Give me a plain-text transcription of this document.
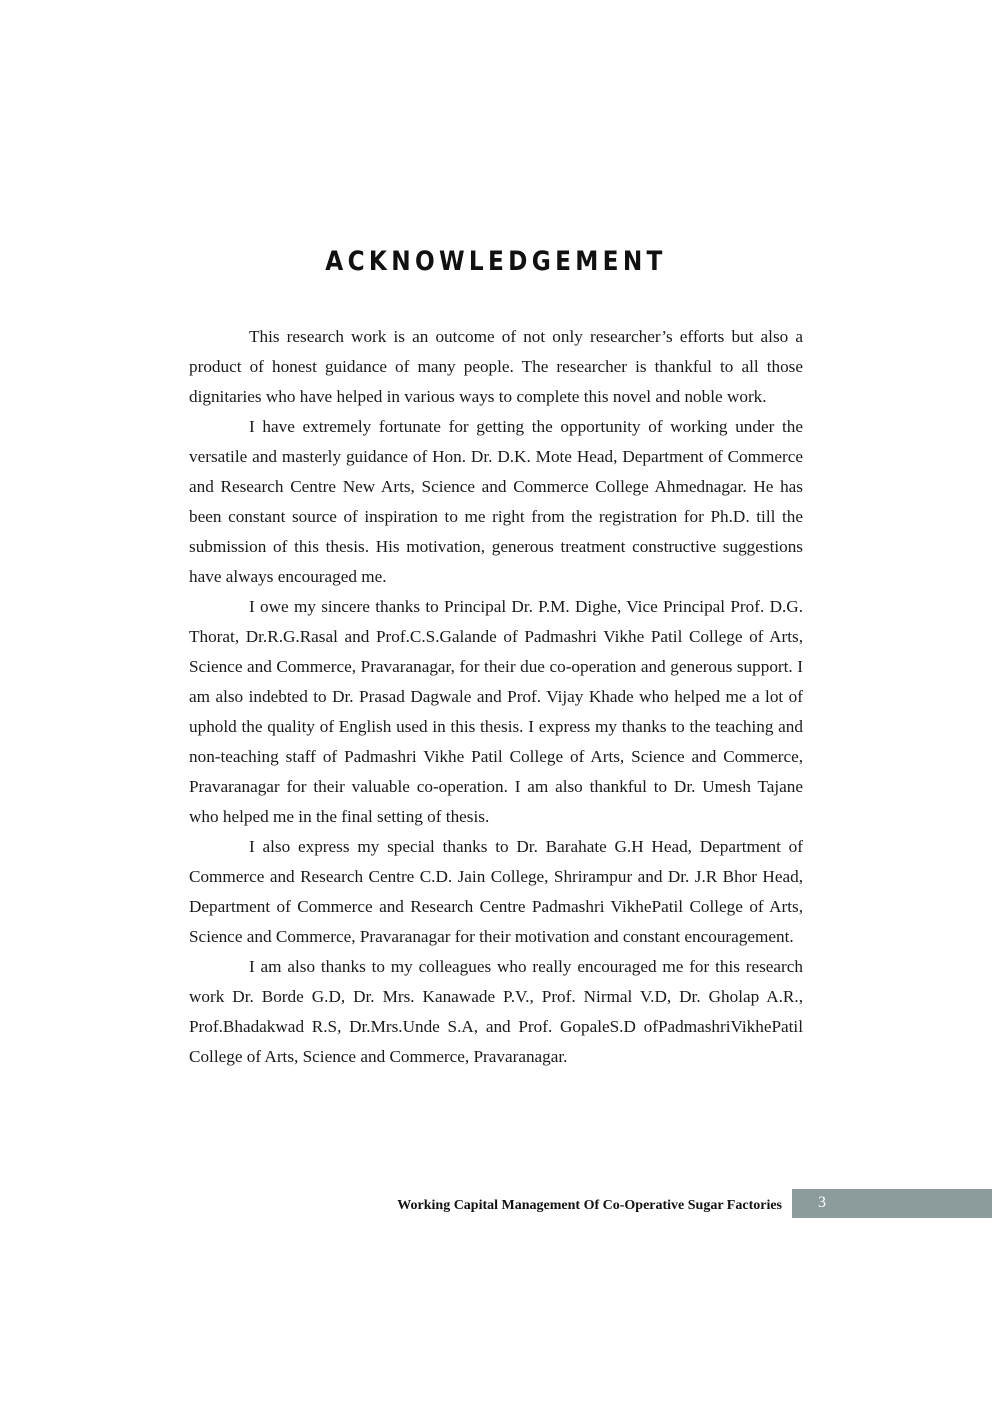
ACKNOWLEDGEMENT

This research work is an outcome of not only researcher’s efforts but also a product of honest guidance of many people. The researcher is thankful to all those dignitaries who have helped in various ways to complete this novel and noble work.

I have extremely fortunate for getting the opportunity of working under the versatile and masterly guidance of Hon. Dr. D.K. Mote Head, Department of Commerce and Research Centre New Arts, Science and Commerce College Ahmednagar. He has been constant source of inspiration to me right from the registration for Ph.D. till the submission of this thesis. His motivation, generous treatment constructive suggestions have always encouraged me.

I owe my sincere thanks to Principal Dr. P.M. Dighe, Vice Principal Prof. D.G. Thorat, Dr.R.G.Rasal and Prof.C.S.Galande of Padmashri Vikhe Patil College of Arts, Science and Commerce, Pravaranagar, for their due co-operation and generous support. I am also indebted to Dr. Prasad Dagwale and Prof. Vijay Khade who helped me a lot of uphold the quality of English used in this thesis. I express my thanks to the teaching and non-teaching staff of Padmashri Vikhe Patil College of Arts, Science and Commerce, Pravaranagar for their valuable co-operation. I am also thankful to Dr. Umesh Tajane who helped me in the final setting of thesis.

I also express my special thanks to Dr. Barahate G.H Head, Department of Commerce and Research Centre C.D. Jain College, Shrirampur and Dr. J.R Bhor Head, Department of Commerce and Research Centre Padmashri VikhePatil College of Arts, Science and Commerce, Pravaranagar for their motivation and constant encouragement.

I am also thanks to my colleagues who really encouraged me for this research work Dr. Borde G.D, Dr. Mrs. Kanawade P.V., Prof. Nirmal V.D, Dr. Gholap A.R., Prof.Bhadakwad R.S, Dr.Mrs.Unde S.A, and Prof. GopaleS.D ofPadmashriVikhePatil College of Arts, Science and Commerce, Pravaranagar.

Working Capital Management Of Co-Operative Sugar Factories 3
